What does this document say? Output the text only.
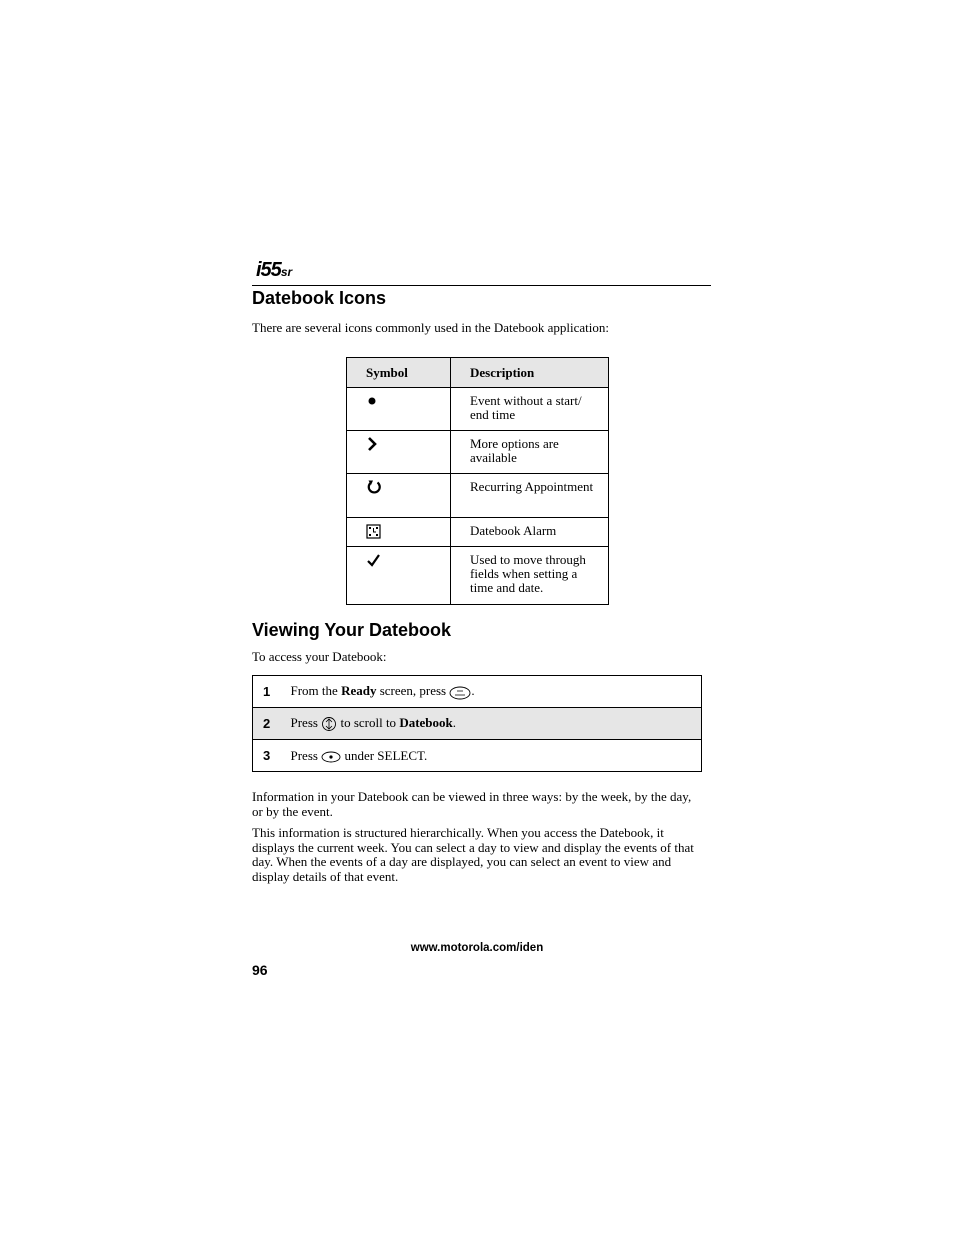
i55sr
Datebook Icons
There are several icons commonly used in the Datebook application:
Symbol	Description
	Event without a start/ end time
	More options are available
	Recurring Appointment
	Datebook Alarm
	Used to move through fields when setting a time and date.
Viewing Your Datebook
To access your Datebook:
1	From the Ready screen, press .
2	Press  to scroll to Datebook.
3	Press  under SELECT.
Information in your Datebook can be viewed in three ways: by the week, by the day, or by the event.
This information is structured hierarchically. When you access the Datebook, it displays the current week. You can select a day to view and display the events of that day. When the events of a day are displayed, you can select an event to view and display details of that event.
www.motorola.com/iden
96
